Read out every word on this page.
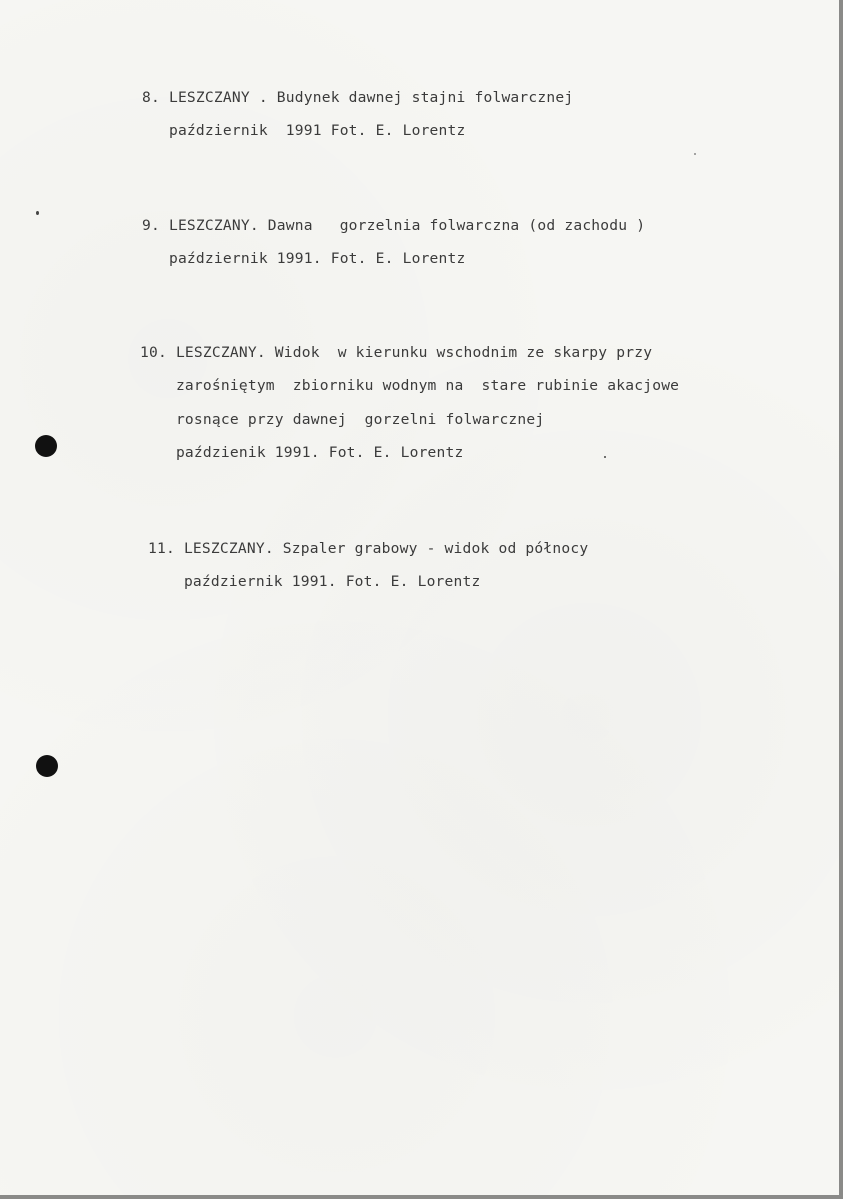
8. LESZCZANY . Budynek dawnej stajni folwarcznej
październik  1991 Fot. E. Lorentz
9. LESZCZANY. Dawna   gorzelnia folwarczna (od zachodu )
październik 1991. Fot. E. Lorentz
10. LESZCZANY. Widok  w kierunku wschodnim ze skarpy przy
zarośniętym  zbiorniku wodnym na  stare rubinie akacjowe
rosnące przy dawnej  gorzelni folwarcznej
paździenik 1991. Fot. E. Lorentz
11. LESZCZANY. Szpaler grabowy - widok od północy
październik 1991. Fot. E. Lorentz
